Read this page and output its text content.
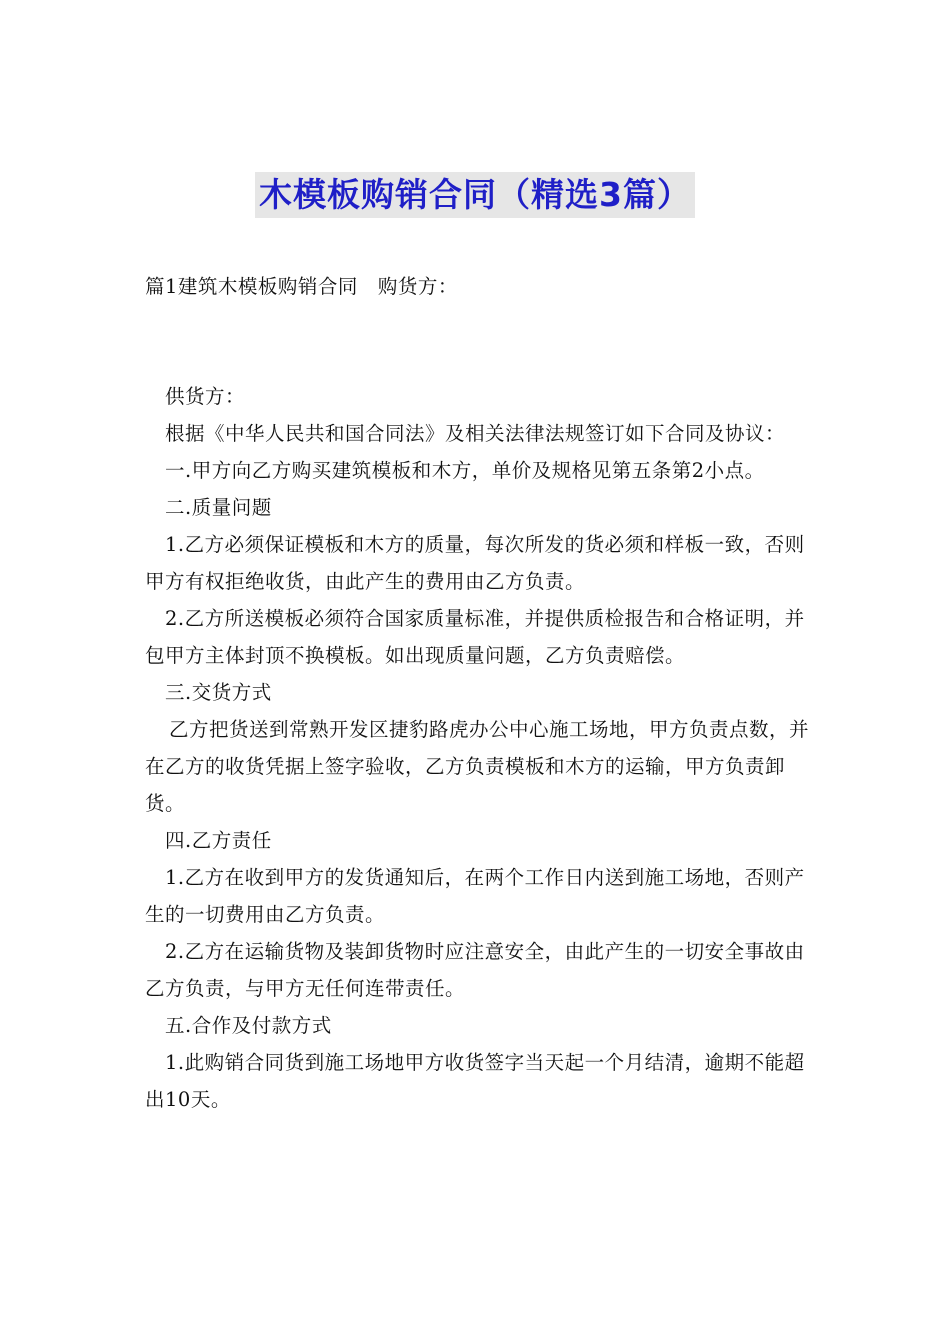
木模板购销合同（精选3篇）

篇1建筑木模板购销合同　购货方：

供货方：

根据《中华人民共和国合同法》及相关法律法规签订如下合同及协议：

一.甲方向乙方购买建筑模板和木方，单价及规格见第五条第2小点。

二.质量问题

1.乙方必须保证模板和木方的质量，每次所发的货必须和样板一致，否则甲方有权拒绝收货，由此产生的费用由乙方负责。

2.乙方所送模板必须符合国家质量标准，并提供质检报告和合格证明，并包甲方主体封顶不换模板。如出现质量问题，乙方负责赔偿。

三.交货方式

乙方把货送到常熟开发区捷豹路虎办公中心施工场地，甲方负责点数，并在乙方的收货凭据上签字验收，乙方负责模板和木方的运输，甲方负责卸货。

四.乙方责任

1.乙方在收到甲方的发货通知后，在两个工作日内送到施工场地，否则产生的一切费用由乙方负责。

2.乙方在运输货物及装卸货物时应注意安全，由此产生的一切安全事故由乙方负责，与甲方无任何连带责任。

五.合作及付款方式

1.此购销合同货到施工场地甲方收货签字当天起一个月结清，逾期不能超出10天。
